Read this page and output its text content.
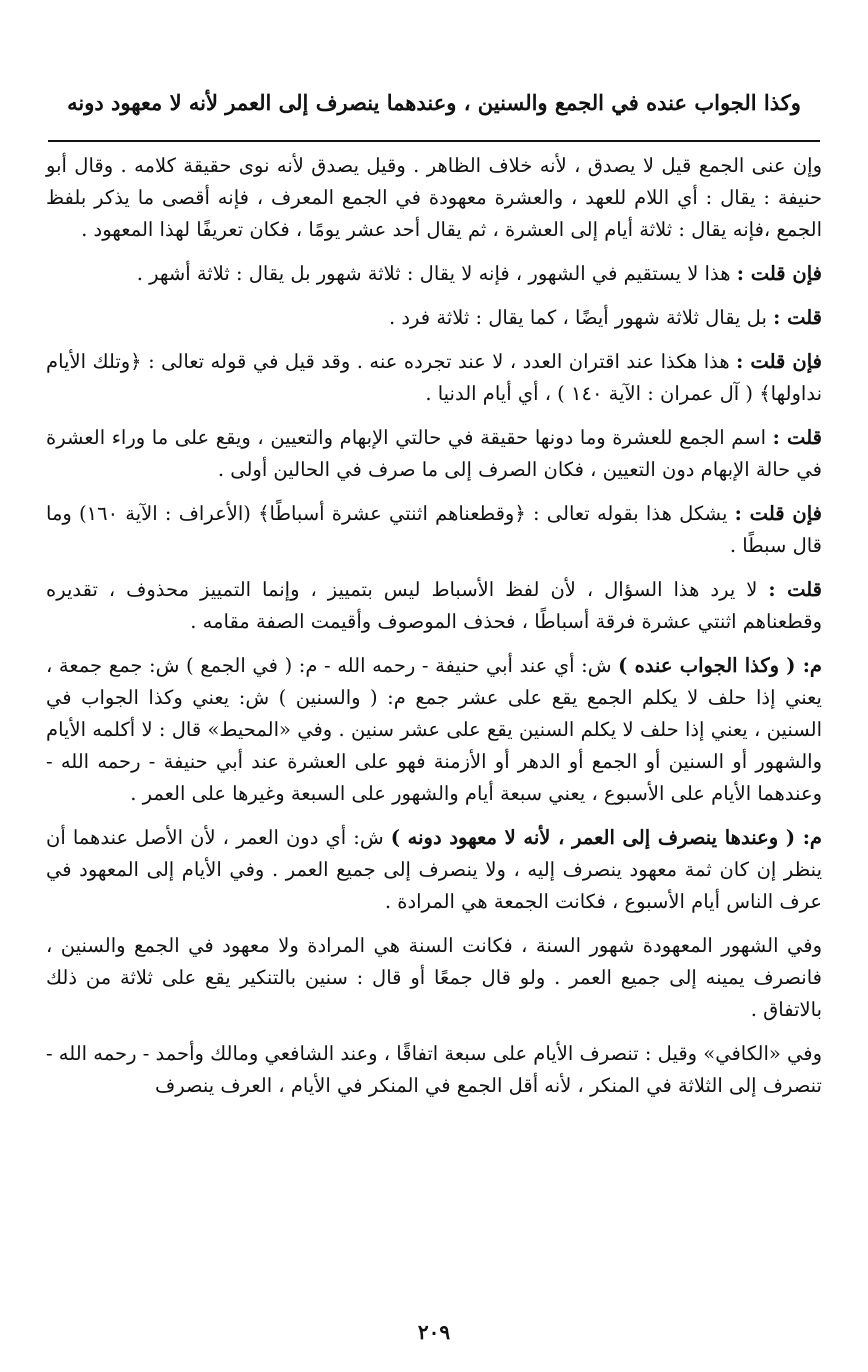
وكذا الجواب عنده في الجمع والسنين ، وعندهما ينصرف إلى العمر لأنه لا معهود دونه

وإن عنى الجمع قيل لا يصدق ، لأنه خلاف الظاهر . وقيل يصدق لأنه نوى حقيقة كلامه . وقال أبو حنيفة : يقال : أي اللام للعهد ، والعشرة معهودة في الجمع المعرف ، فإنه أقصى ما يذكر بلفظ الجمع ،فإنه يقال : ثلاثة أيام إلى العشرة ، ثم يقال أحد عشر يومًا ، فكان تعريفًا لهذا المعهود .

فإن قلت : هذا لا يستقيم في الشهور ، فإنه لا يقال : ثلاثة شهور بل يقال : ثلاثة أشهر .

قلت : بل يقال ثلاثة شهور أيضًا ، كما يقال : ثلاثة فرد .

فإن قلت : هذا هكذا عند اقتران العدد ، لا عند تجرده عنه . وقد قيل في قوله تعالى : ﴿وتلك الأيام نداولها﴾ ( آل عمران : الآية ١٤٠ ) ، أي أيام الدنيا .

قلت : اسم الجمع للعشرة وما دونها حقيقة في حالتي الإبهام والتعيين ، ويقع على ما وراء العشرة في حالة الإبهام دون التعيين ، فكان الصرف إلى ما صرف في الحالين أولى .

فإن قلت : يشكل هذا بقوله تعالى : ﴿وقطعناهم اثنتي عشرة أسباطًا﴾ (الأعراف : الآية ١٦٠) وما قال سبطًا .

قلت : لا يرد هذا السؤال ، لأن لفظ الأسباط ليس بتمييز ، وإنما التمييز محذوف ، تقديره وقطعناهم اثنتي عشرة فرقة أسباطًا ، فحذف الموصوف وأقيمت الصفة مقامه .

م: ( وكذا الجواب عنده ) ش: أي عند أبي حنيفة - رحمه الله - م: ( في الجمع ) ش: جمع جمعة ، يعني إذا حلف لا يكلم الجمع يقع على عشر جمع م: ( والسنين ) ش: يعني وكذا الجواب في السنين ، يعني إذا حلف لا يكلم السنين يقع على عشر سنين . وفي «المحيط» قال : لا أكلمه الأيام والشهور أو السنين أو الجمع أو الدهر أو الأزمنة فهو على العشرة عند أبي حنيفة - رحمه الله - وعندهما الأيام على الأسبوع ، يعني سبعة أيام والشهور على السبعة وغيرها على العمر .

م: ( وعندها ينصرف إلى العمر ، لأنه لا معهود دونه ) ش: أي دون العمر ، لأن الأصل عندهما أن ينظر إن كان ثمة معهود ينصرف إليه ، ولا ينصرف إلى جميع العمر . وفي الأيام إلى المعهود في عرف الناس أيام الأسبوع ، فكانت الجمعة هي المرادة .

وفي الشهور المعهودة شهور السنة ، فكانت السنة هي المرادة ولا معهود في الجمع والسنين ، فانصرف يمينه إلى جميع العمر . ولو قال جمعًا أو قال : سنين بالتنكير يقع على ثلاثة من ذلك بالاتفاق .

وفي «الكافي» وقيل : تنصرف الأيام على سبعة اتفاقًا ، وعند الشافعي ومالك وأحمد - رحمه الله - تنصرف إلى الثلاثة في المنكر ، لأنه أقل الجمع في المنكر في الأيام ، العرف ينصرف

٢٠٩
